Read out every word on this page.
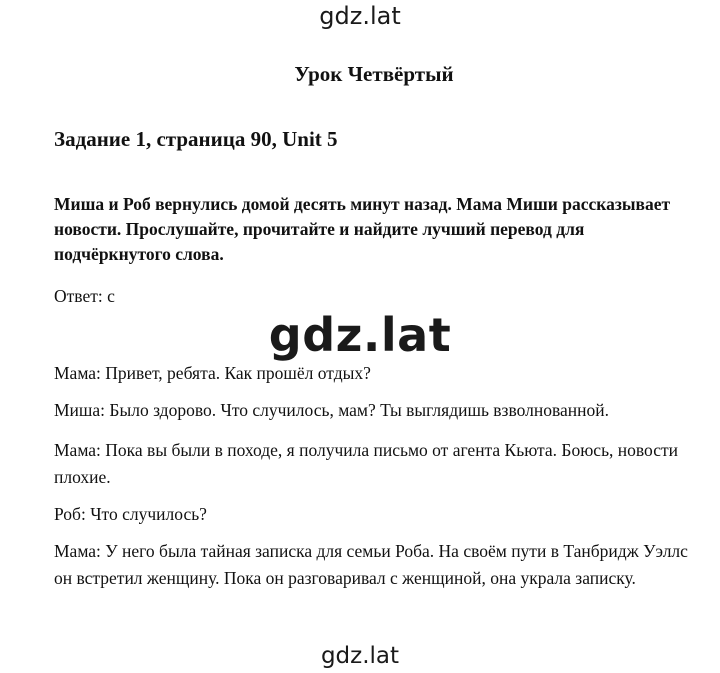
gdz.lat
Урок Четвёртый
Задание 1, страница 90, Unit 5
Миша и Роб вернулись домой десять минут назад. Мама Миши рассказывает новости. Прослушайте, прочитайте и найдите лучший перевод для подчёркнутого слова.

Ответ: c

gdz.lat

Мама: Привет, ребята. Как прошёл отдых?

Миша: Было здорово. Что случилось, мам? Ты выглядишь взволнованной.

Мама: Пока вы были в походе, я получила письмо от агента Кьюта. Боюсь, новости плохие.

Роб: Что случилось?

Мама: У него была тайная записка для семьи Роба. На своём пути в Танбридж Уэллс он встретил женщину. Пока он разговаривал с женщиной, она украла записку.

gdz.lat
